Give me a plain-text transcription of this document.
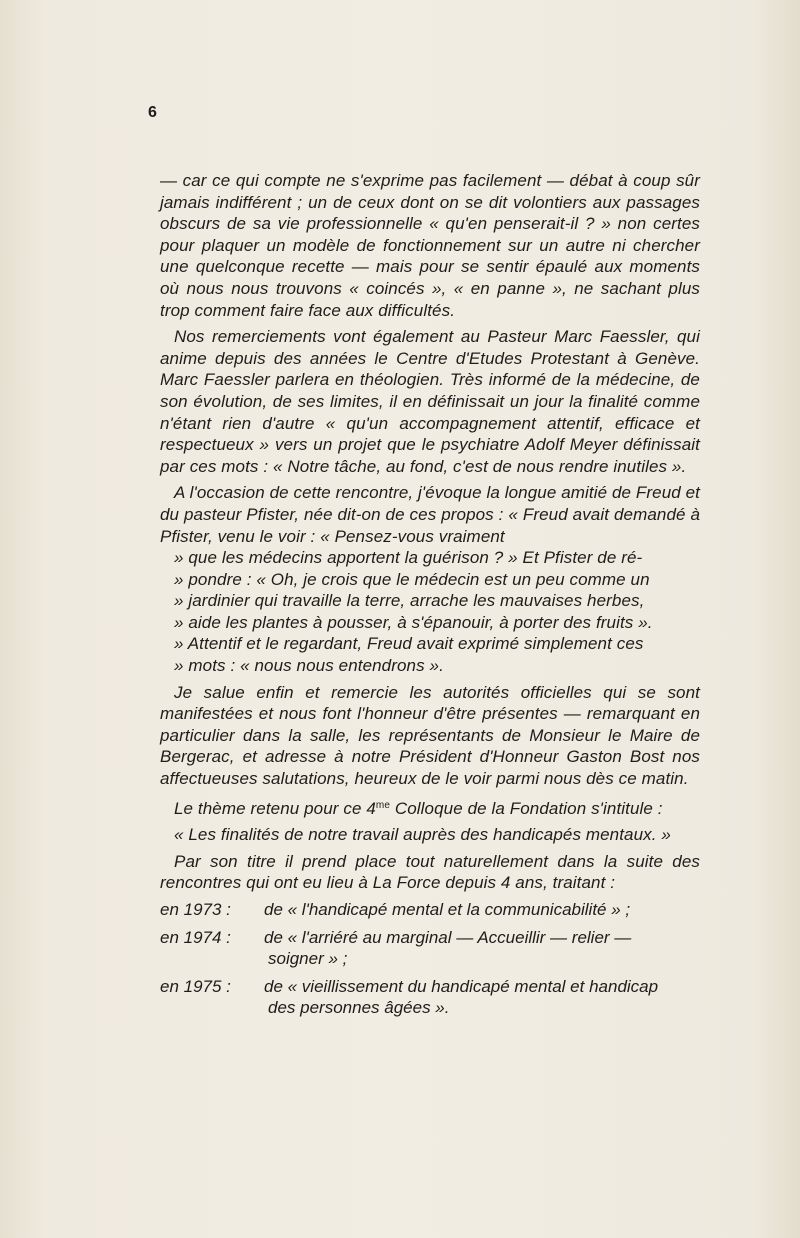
6

— car ce qui compte ne s'exprime pas facilement — débat à coup sûr jamais indifférent ; un de ceux dont on se dit volontiers aux passages obscurs de sa vie professionnelle « qu'en penserait-il ? » non certes pour plaquer un modèle de fonctionnement sur un autre ni chercher une quelconque recette — mais pour se sentir épaulé aux moments où nous nous trouvons « coincés », « en panne », ne sachant plus trop comment faire face aux difficultés.

Nos remerciements vont également au Pasteur Marc Faessler, qui anime depuis des années le Centre d'Etudes Protestant à Genève. Marc Faessler parlera en théologien. Très informé de la médecine, de son évolution, de ses limites, il en définissait un jour la finalité comme n'étant rien d'autre « qu'un accompagnement attentif, efficace et respectueux » vers un projet que le psychiatre Adolf Meyer définissait par ces mots : « Notre tâche, au fond, c'est de nous rendre inutiles ».

A l'occasion de cette rencontre, j'évoque la longue amitié de Freud et du pasteur Pfister, née dit-on de ces propos : « Freud avait demandé à Pfister, venu le voir : « Pensez-vous vraiment
» que les médecins apportent la guérison ? » Et Pfister de ré-
» pondre : « Oh, je crois que le médecin est un peu comme un
» jardinier qui travaille la terre, arrache les mauvaises herbes,
» aide les plantes à pousser, à s'épanouir, à porter des fruits ».
» Attentif et le regardant, Freud avait exprimé simplement ces
» mots : « nous nous entendrons ».

Je salue enfin et remercie les autorités officielles qui se sont manifestées et nous font l'honneur d'être présentes — remarquant en particulier dans la salle, les représentants de Monsieur le Maire de Bergerac, et adresse à notre Président d'Honneur Gaston Bost nos affectueuses salutations, heureux de le voir parmi nous dès ce matin.

Le thème retenu pour ce $4^{me}$ Colloque de la Fondation s'intitule :

« Les finalités de notre travail auprès des handicapés mentaux. »

Par son titre il prend place tout naturellement dans la suite des rencontres qui ont eu lieu à La Force depuis 4 ans, traitant :

en 1973 :	de « l'handicapé mental et la communicabilité » ;
en 1974 :	de « l'arriéré au marginal — Accueillir — relier —
soigner » ;
en 1975 :	de « vieillissement du handicapé mental et handicap
des personnes âgées ».
